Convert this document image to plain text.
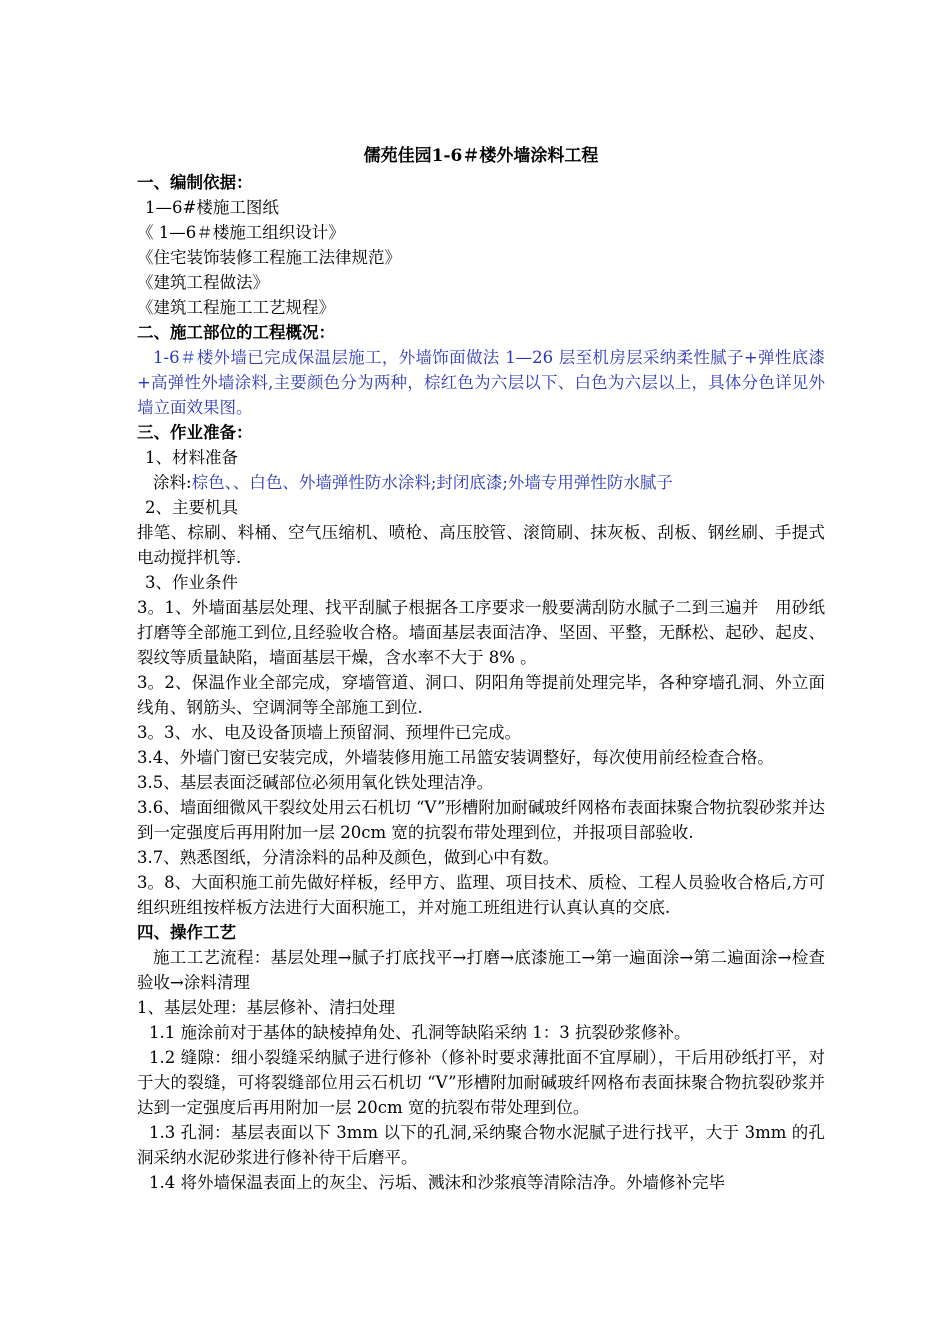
儒苑佳园1-6＃楼外墙涂料工程
一、编制依据：
1—6#楼施工图纸
《 1—6＃楼施工组织设计》
《住宅装饰装修工程施工法律规范》
《建筑工程做法》
《建筑工程施工工艺规程》
二、施工部位的工程概况：
1-6＃楼外墙已完成保温层施工，外墙饰面做法 1—26 层至机房层采纳柔性腻子+弹性底漆+高弹性外墙涂料,主要颜色分为两种，棕红色为六层以下、白色为六层以上，具体分色详见外墙立面效果图。
三、作业准备：
1、材料准备
涂料:棕色、、白色、外墙弹性防水涂料;封闭底漆;外墙专用弹性防水腻子
2、主要机具
排笔、棕刷、料桶、空气压缩机、喷枪、高压胶管、滚筒刷、抹灰板、刮板、钢丝刷、手提式电动搅拌机等.
3、作业条件
3。1、外墙面基层处理、找平刮腻子根据各工序要求一般要满刮防水腻子二到三遍并　用砂纸打磨等全部施工到位,且经验收合格。墙面基层表面洁净、坚固、平整，无酥松、起砂、起皮、裂纹等质量缺陷，墙面基层干燥，含水率不大于 8% 。
3。2、保温作业全部完成，穿墙管道、洞口、阴阳角等提前处理完毕，各种穿墙孔洞、外立面线角、钢筋头、空调洞等全部施工到位.
3。3、水、电及设备顶墙上预留洞、预埋件已完成。
3.4、外墙门窗已安装完成，外墙装修用施工吊篮安装调整好，每次使用前经检查合格。
3.5、基层表面泛碱部位必须用氧化铁处理洁净。
3.6、墙面细微风干裂纹处用云石机切 “V”形槽附加耐碱玻纤网格布表面抹聚合物抗裂砂浆并达到一定强度后再用附加一层 20cm 宽的抗裂布带处理到位，并报项目部验收.
3.7、熟悉图纸，分清涂料的品种及颜色，做到心中有数。
3。8、大面积施工前先做好样板，经甲方、监理、项目技术、质检、工程人员验收合格后,方可组织班组按样板方法进行大面积施工，并对施工班组进行认真认真的交底.
四、操作工艺
施工工艺流程：基层处理→腻子打底找平→打磨→底漆施工→第一遍面涂→第二遍面涂→检查验收→涂料清理
1、基层处理：基层修补、清扫处理
1.1 施涂前对于基体的缺棱掉角处、孔洞等缺陷采纳 1：3 抗裂砂浆修补。
1.2 缝隙：细小裂缝采纳腻子进行修补（修补时要求薄批面不宜厚刷），干后用砂纸打平，对于大的裂缝，可将裂缝部位用云石机切 “V”形槽附加耐碱玻纤网格布表面抹聚合物抗裂砂浆并达到一定强度后再用附加一层 20cm 宽的抗裂布带处理到位。
1.3 孔洞：基层表面以下 3mm 以下的孔洞,采纳聚合物水泥腻子进行找平，大于 3mm 的孔洞采纳水泥砂浆进行修补待干后磨平。
1.4 将外墙保温表面上的灰尘、污垢、溅沫和沙浆痕等清除洁净。外墙修补完毕
